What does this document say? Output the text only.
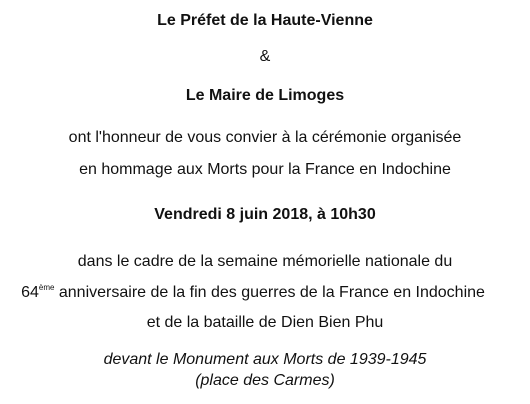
Le Préfet de la Haute-Vienne
&
Le Maire de Limoges
ont l'honneur de vous convier à la cérémonie organisée
en hommage aux Morts pour la France en Indochine
Vendredi 8 juin 2018, à 10h30
dans le cadre de la semaine mémorielle nationale du
64ème anniversaire de la fin des guerres de la France en Indochine
et de la bataille de Dien Bien Phu
devant le Monument aux Morts de 1939-1945
(place des Carmes)
